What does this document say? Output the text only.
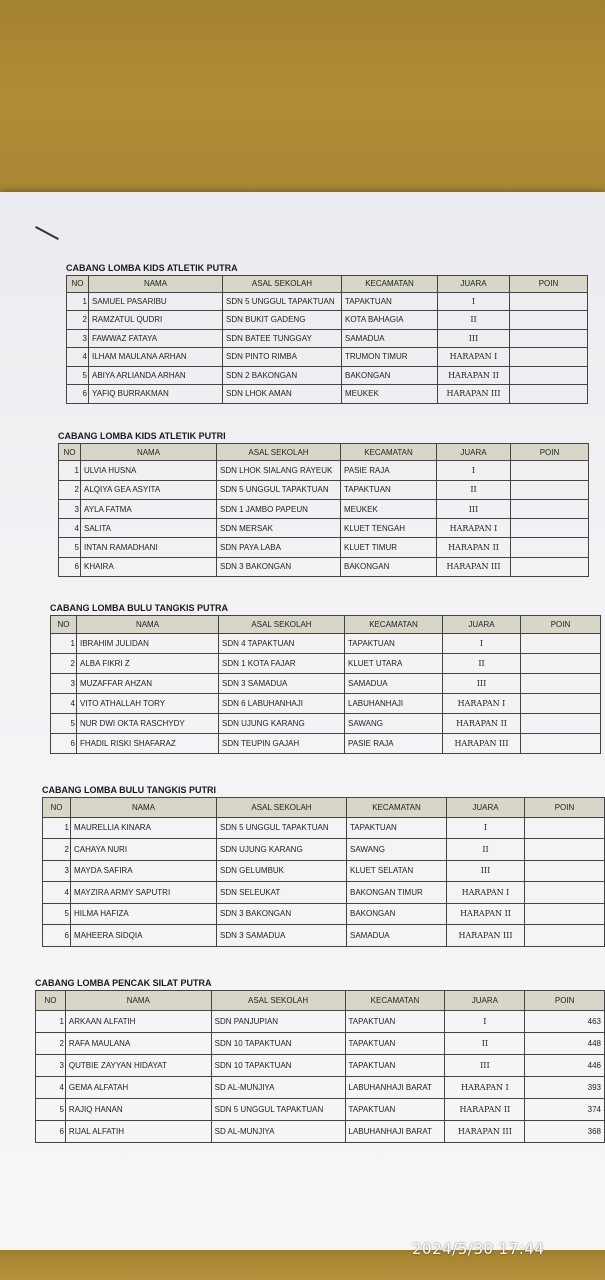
CABANG LOMBA KIDS ATLETIK PUTRA
NO	NAMA	ASAL SEKOLAH	KECAMATAN	JUARA	POIN
1	SAMUEL PASARIBU	SDN 5 UNGGUL TAPAKTUAN	TAPAKTUAN	I	
2	RAMZATUL QUDRI	SDN BUKIT GADENG	KOTA BAHAGIA	II	
3	FAWWAZ FATAYA	SDN BATEE TUNGGAY	SAMADUA	III	
4	ILHAM MAULANA ARHAN	SDN PINTO RIMBA	TRUMON TIMUR	HARAPAN I	
5	ABIYA ARLIANDA ARHAN	SDN 2 BAKONGAN	BAKONGAN	HARAPAN II	
6	YAFIQ BURRAKMAN	SDN LHOK AMAN	MEUKEK	HARAPAN III	
CABANG LOMBA KIDS ATLETIK PUTRI
NO	NAMA	ASAL SEKOLAH	KECAMATAN	JUARA	POIN
1	ULVIA HUSNA	SDN LHOK SIALANG RAYEUK	PASIE RAJA	I	
2	ALQIYA GEA ASYITA	SDN 5 UNGGUL TAPAKTUAN	TAPAKTUAN	II	
3	AYLA FATMA	SDN 1 JAMBO PAPEUN	MEUKEK	III	
4	SALITA	SDN MERSAK	KLUET TENGAH	HARAPAN I	
5	INTAN RAMADHANI	SDN PAYA LABA	KLUET TIMUR	HARAPAN II	
6	KHAIRA	SDN 3 BAKONGAN	BAKONGAN	HARAPAN III	
CABANG LOMBA BULU TANGKIS PUTRA
NO	NAMA	ASAL SEKOLAH	KECAMATAN	JUARA	POIN
1	IBRAHIM JULIDAN	SDN 4 TAPAKTUAN	TAPAKTUAN	I	
2	ALBA FIKRI Z	SDN 1 KOTA FAJAR	KLUET UTARA	II	
3	MUZAFFAR AHZAN	SDN 3 SAMADUA	SAMADUA	III	
4	VITO ATHALLAH TORY	SDN 6 LABUHANHAJI	LABUHANHAJI	HARAPAN I	
5	NUR DWI OKTA RASCHYDY	SDN UJUNG KARANG	SAWANG	HARAPAN II	
6	FHADIL RISKI SHAFARAZ	SDN TEUPIN GAJAH	PASIE RAJA	HARAPAN III	
CABANG LOMBA BULU TANGKIS PUTRI
NO	NAMA	ASAL SEKOLAH	KECAMATAN	JUARA	POIN
1	MAURELLIA KINARA	SDN 5 UNGGUL TAPAKTUAN	TAPAKTUAN	I	
2	CAHAYA NURI	SDN UJUNG KARANG	SAWANG	II	
3	MAYDA SAFIRA	SDN GELUMBUK	KLUET SELATAN	III	
4	MAYZIRA ARMY SAPUTRI	SDN SELEUKAT	BAKONGAN TIMUR	HARAPAN I	
5	HILMA HAFIZA	SDN 3 BAKONGAN	BAKONGAN	HARAPAN II	
6	MAHEERA SIDQIA	SDN 3 SAMADUA	SAMADUA	HARAPAN III	
CABANG LOMBA PENCAK SILAT PUTRA
NO	NAMA	ASAL SEKOLAH	KECAMATAN	JUARA	POIN
1	ARKAAN ALFATIH	SDN PANJUPIAN	TAPAKTUAN	I	463
2	RAFA MAULANA	SDN 10 TAPAKTUAN	TAPAKTUAN	II	448
3	QUTBIE ZAYYAN HIDAYAT	SDN 10 TAPAKTUAN	TAPAKTUAN	III	446
4	GEMA ALFATAH	SD AL-MUNJIYA	LABUHANHAJI BARAT	HARAPAN I	393
5	RAJIQ HANAN	SDN 5 UNGGUL TAPAKTUAN	TAPAKTUAN	HARAPAN II	374
6	RIJAL ALFATIH	SD AL-MUNJIYA	LABUHANHAJI BARAT	HARAPAN III	368
2024/5/30 17:44
